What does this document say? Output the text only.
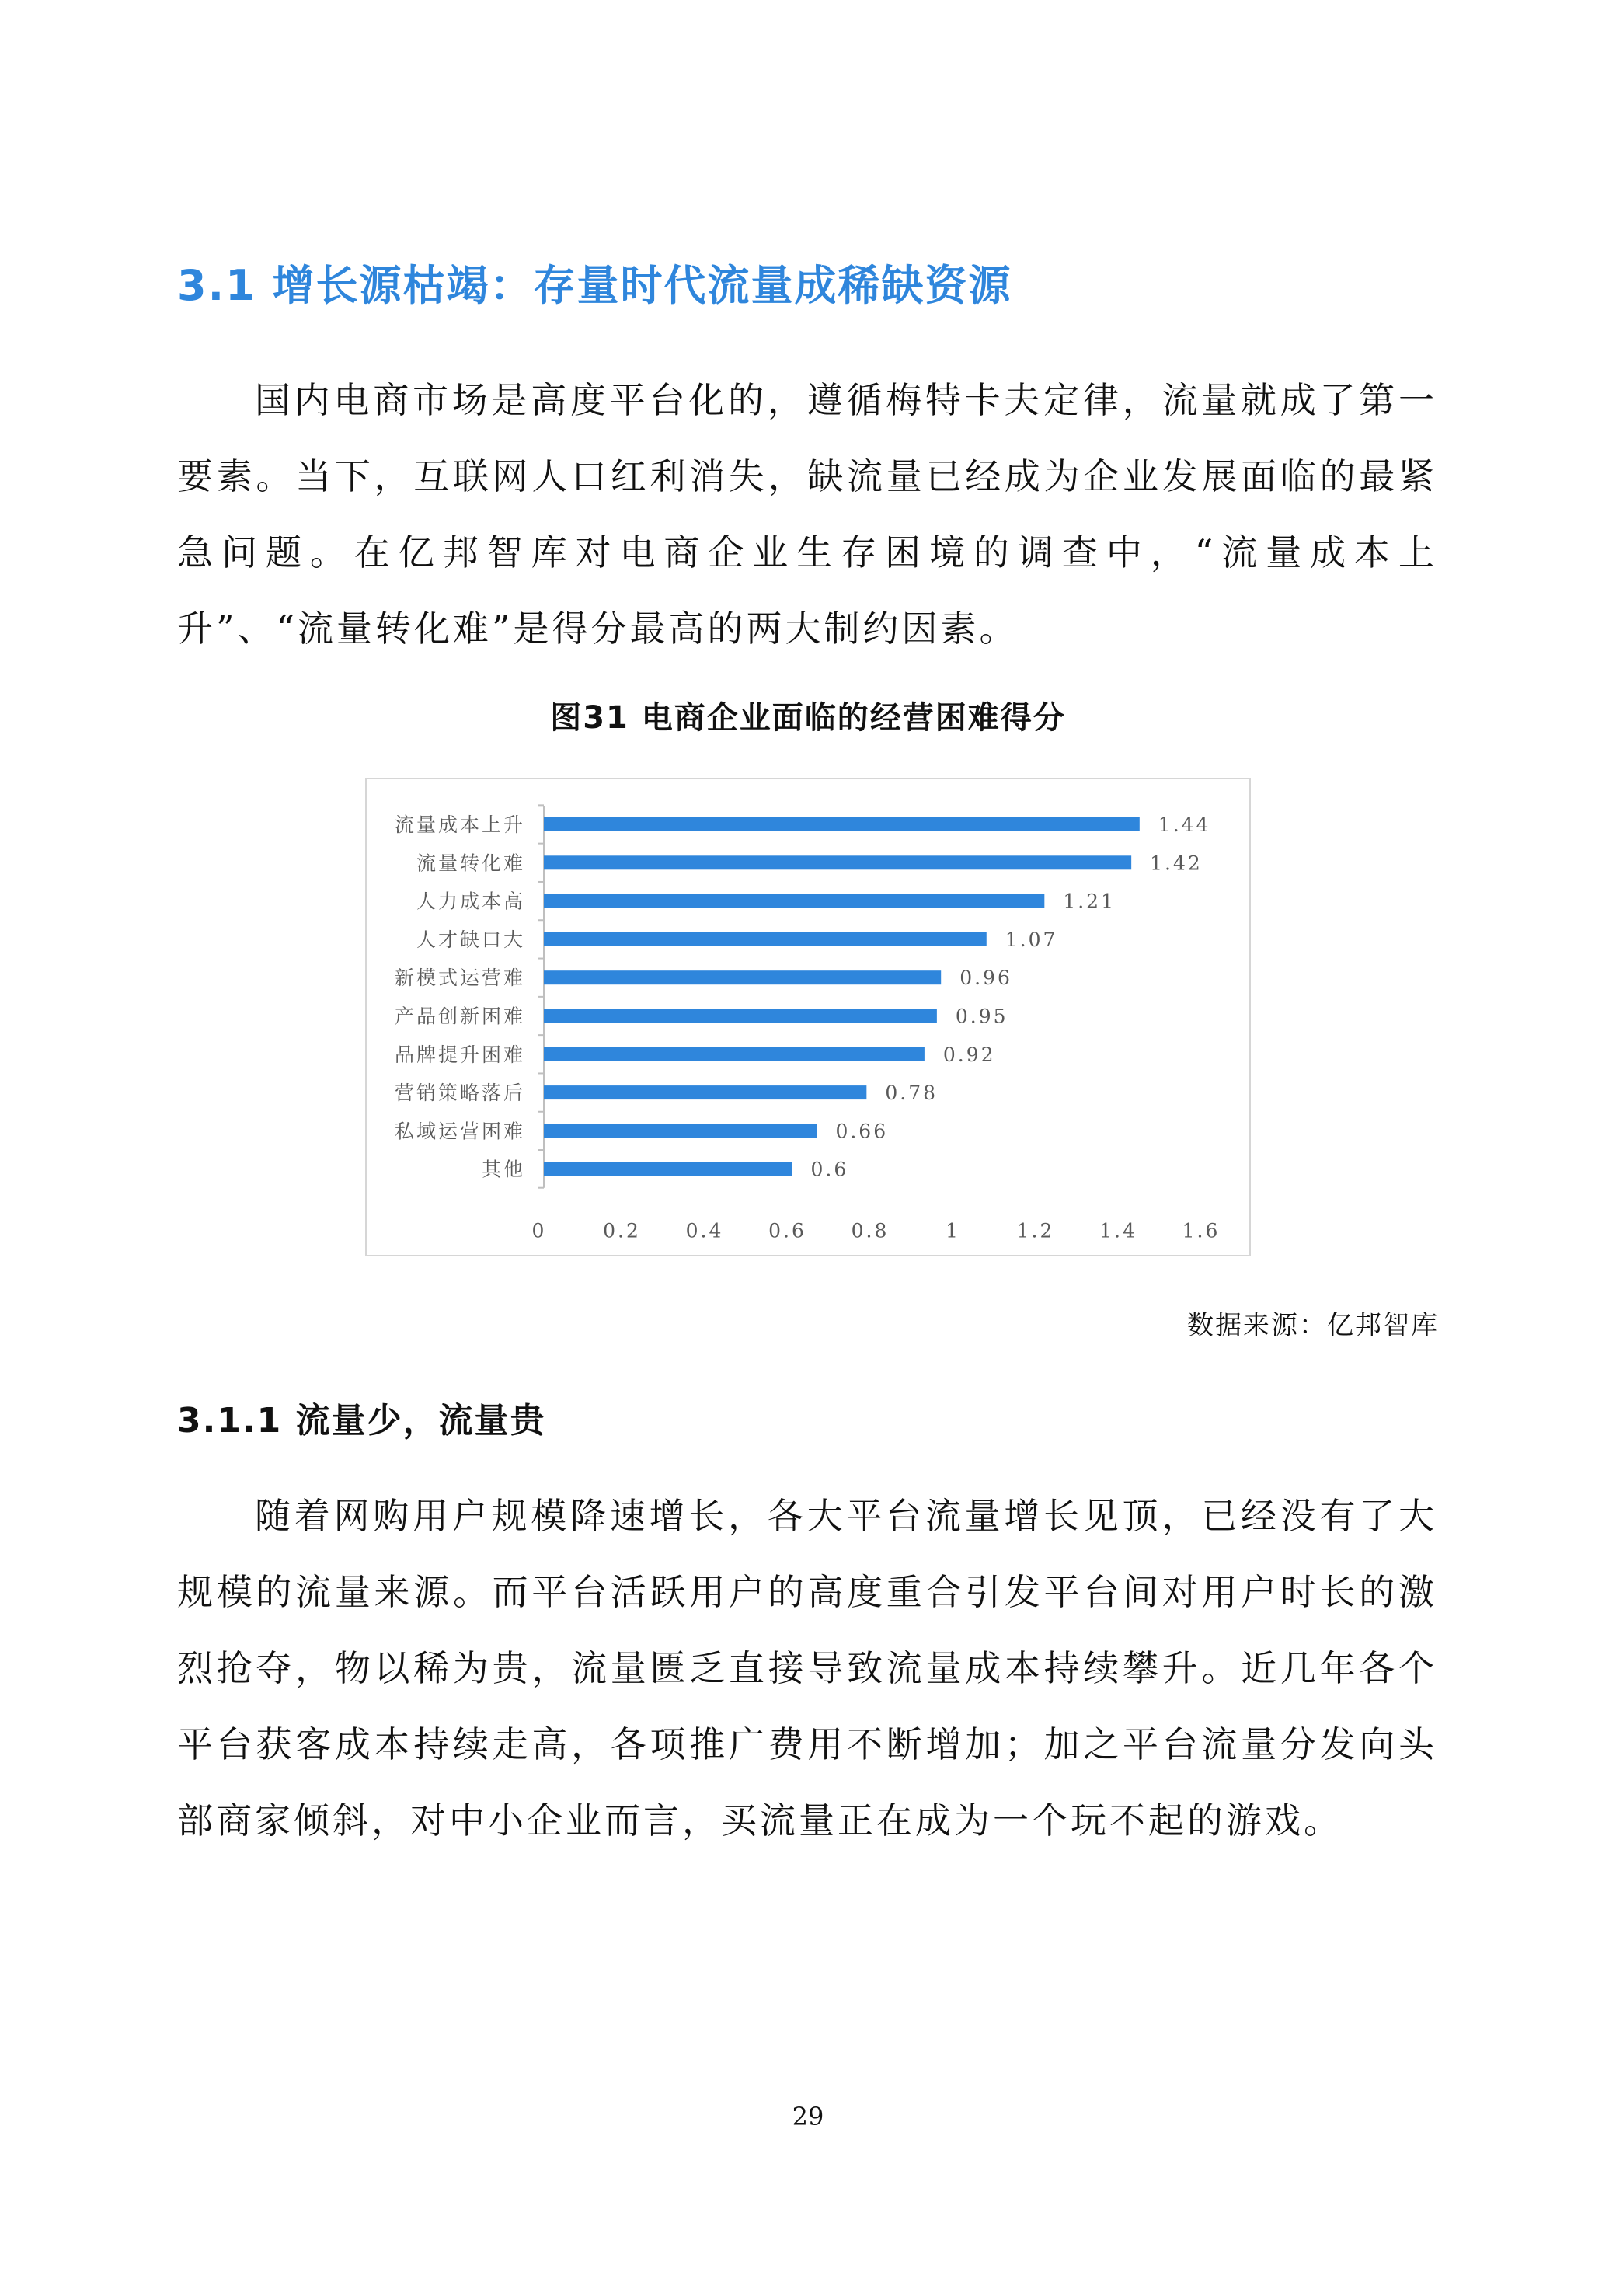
3.1 增长源枯竭：存量时代流量成稀缺资源

国内电商市场是高度平台化的，遵循梅特卡夫定律，流量就成了第一要素。当下，互联网人口红利消失，缺流量已经成为企业发展面临的最紧急问题。在亿邦智库对电商企业生存困境的调查中，“流量成本上升”、“流量转化难”是得分最高的两大制约因素。

图31 电商企业面临的经营困难得分
流量成本上升	1.44
流量转化难	1.42
人力成本高	1.21
人才缺口大	1.07
新模式运营难	0.96
产品创新困难	0.95
品牌提升困难	0.92
营销策略落后	0.78
私域运营困难	0.66
其他	0.6
0	0.2 0.4 0.6 0.8	1	1.2 1.4 1.6
数据来源：亿邦智库
3.1.1 流量少，流量贵

随着网购用户规模降速增长，各大平台流量增长见顶，已经没有了大规模的流量来源。而平台活跃用户的高度重合引发平台间对用户时长的激烈抢夺，物以稀为贵，流量匮乏直接导致流量成本持续攀升。近几年各个平台获客成本持续走高，各项推广费用不断增加；加之平台流量分发向头部商家倾斜，对中小企业而言，买流量正在成为一个玩不起的游戏。

29
